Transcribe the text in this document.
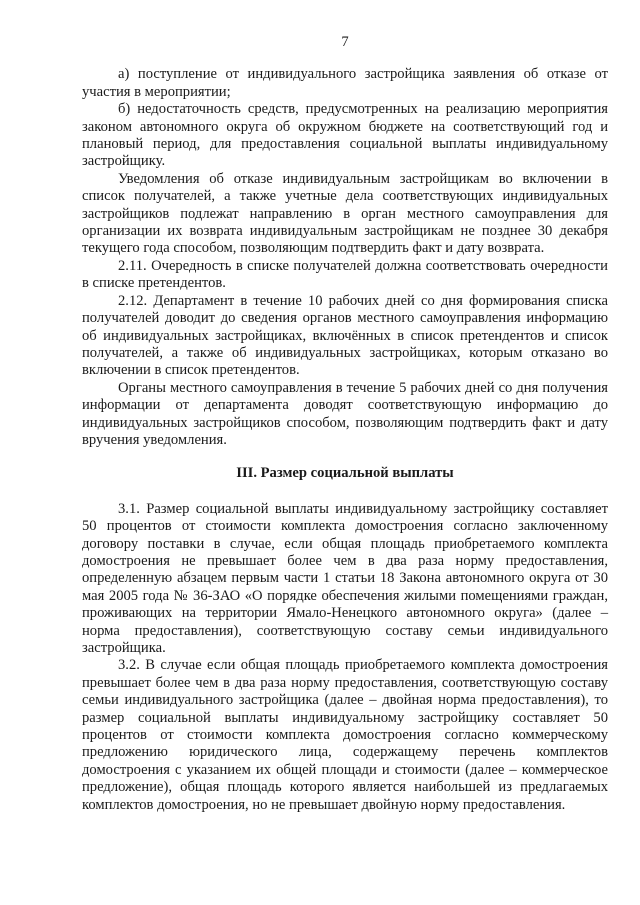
7

а) поступление от индивидуального застройщика заявления об отказе от участия в мероприятии;

б) недостаточность средств, предусмотренных на реализацию мероприятия законом автономного округа об окружном бюджете на соответствующий год и плановый период, для предоставления социальной выплаты индивидуальному застройщику.

Уведомления об отказе индивидуальным застройщикам во включении в список получателей, а также учетные дела соответствующих индивидуальных застройщиков подлежат направлению в орган местного самоуправления для организации их возврата индивидуальным застройщикам не позднее 30 декабря текущего года способом, позволяющим подтвердить факт и дату возврата.

2.11. Очередность в списке получателей должна соответствовать очередности в списке претендентов.

2.12. Департамент в течение 10 рабочих дней со дня формирования списка получателей доводит до сведения органов местного самоуправления информацию об индивидуальных застройщиках, включённых в список претендентов и список получателей, а также об индивидуальных застройщиках, которым отказано во включении в список претендентов.

Органы местного самоуправления в течение 5 рабочих дней со дня получения информации от департамента доводят соответствующую информацию до индивидуальных застройщиков способом, позволяющим подтвердить факт и дату вручения уведомления.

III. Размер социальной выплаты

3.1. Размер социальной выплаты индивидуальному застройщику составляет 50 процентов от стоимости комплекта домостроения согласно заключенному договору поставки в случае, если общая площадь приобретаемого комплекта домостроения не превышает более чем в два раза норму предоставления, определенную абзацем первым части 1 статьи 18 Закона автономного округа от 30 мая 2005 года № 36-ЗАО «О порядке обеспечения жилыми помещениями граждан, проживающих на территории Ямало-Ненецкого автономного округа» (далее – норма предоставления), соответствующую составу семьи индивидуального застройщика.

3.2. В случае если общая площадь приобретаемого комплекта домостроения превышает более чем в два раза норму предоставления, соответствующую составу семьи индивидуального застройщика (далее – двойная норма предоставления), то размер социальной выплаты индивидуальному застройщику составляет 50 процентов от стоимости комплекта домостроения согласно коммерческому предложению юридического лица, содержащему перечень комплектов домостроения с указанием их общей площади и стоимости (далее – коммерческое предложение), общая площадь которого является наибольшей из предлагаемых комплектов домостроения, но не превышает двойную норму предоставления.
